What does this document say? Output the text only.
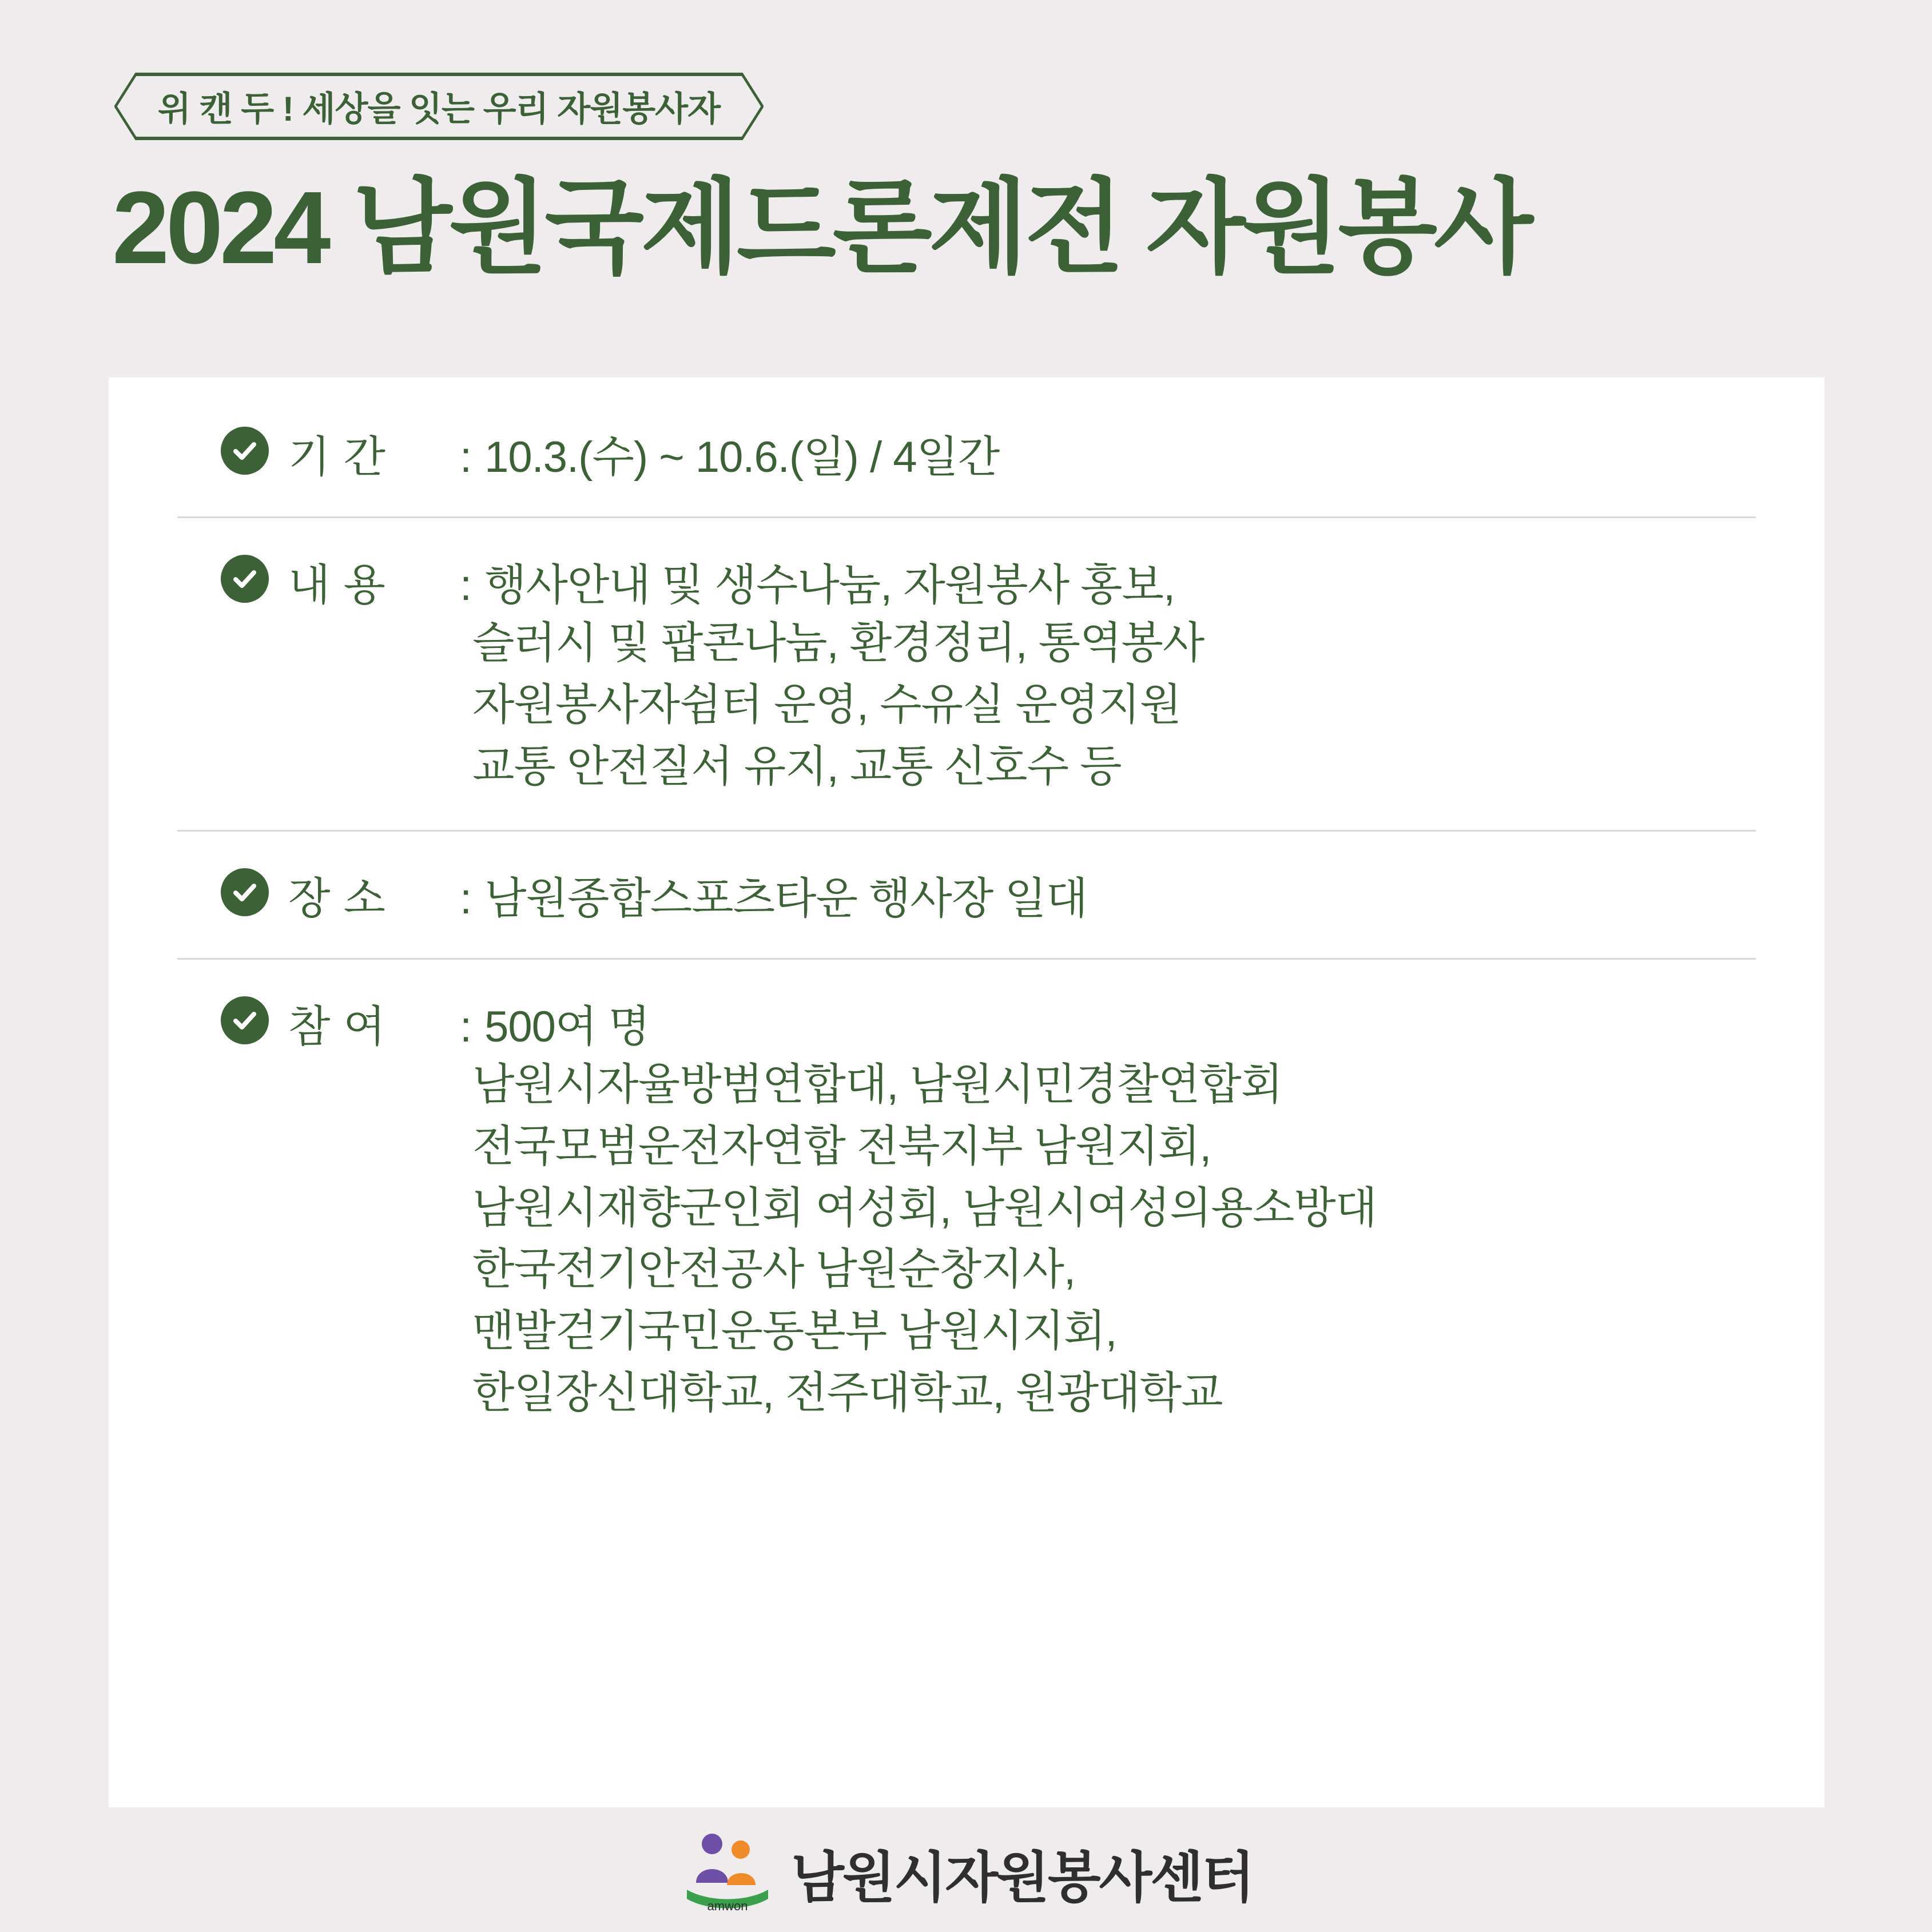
위 캔 두 ! 세상을 잇는 우리 자원봉사자
2024 남원국제드론제전 자원봉사
기 간	: 10.3.(수) ~ 10.6.(일) / 4일간
내 용	: 행사안내 및 생수나눔, 자원봉사 홍보,
슬러시 및 팝콘나눔, 환경정리, 통역봉사
자원봉사자쉼터 운영, 수유실 운영지원
교통 안전질서 유지, 교통 신호수 등
장 소	: 남원종합스포츠타운 행사장 일대
참 여	: 500여 명
남원시자율방범연합대, 남원시민경찰연합회
전국모범운전자연합 전북지부 남원지회,
남원시재향군인회 여성회, 남원시여성의용소방대
한국전기안전공사 남원순창지사,
맨발걷기국민운동본부 남원시지회,
한일장신대학교, 전주대학교, 원광대학교
amwon 남원시자원봉사센터
